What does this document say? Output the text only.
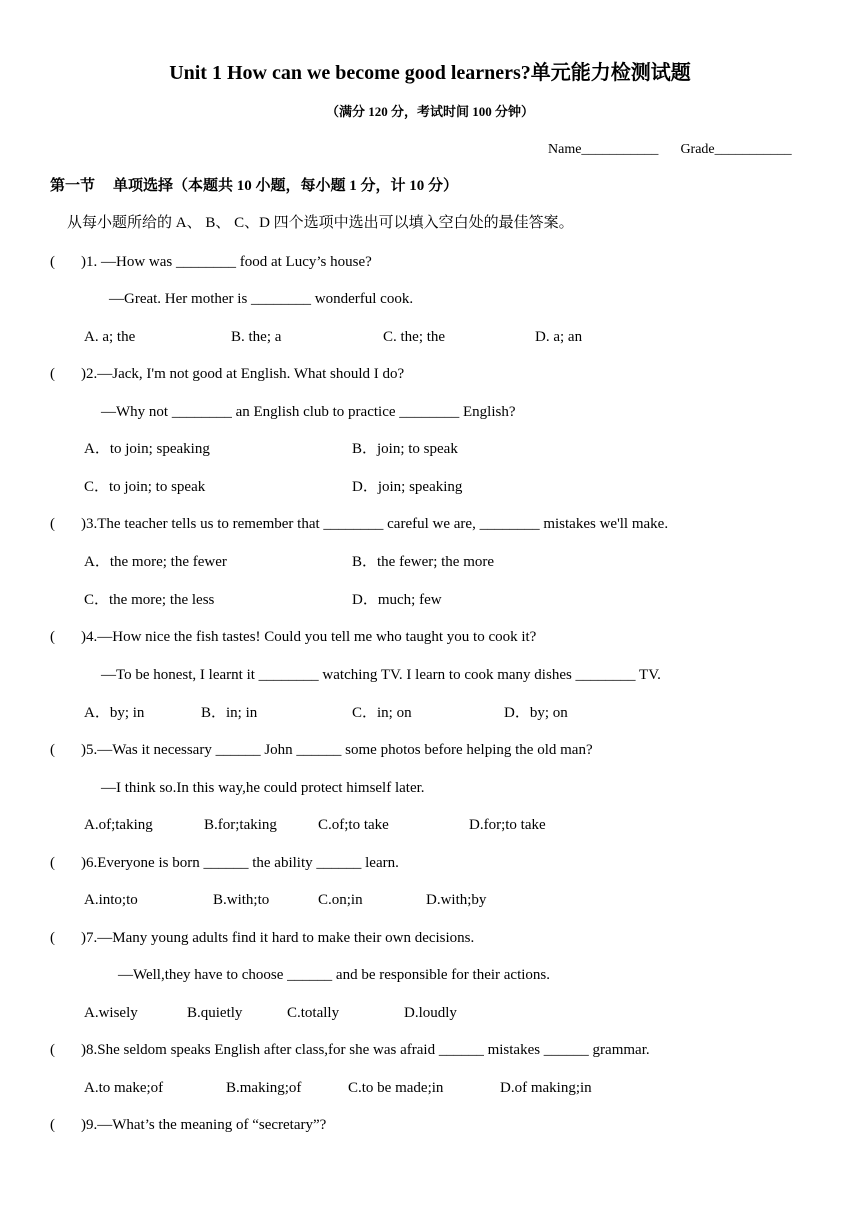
Unit 1 How can we become good learners?单元能力检测试题
（满分 120 分，考试时间 100 分钟）
Name___________ Grade___________
第一节 单项选择（本题共 10 小题，每小题 1 分，计 10 分）
从每小题所给的 A、 B、 C、D 四个选项中选出可以填入空白处的最佳答案。
( )1. —How was ________ food at Lucy’s house?
—Great. Her mother is ________ wonderful cook.
A. a; the	B. the; a	C. the; the	D. a; an
( )2.—Jack, I'm not good at English. What should I do?
—Why not ________ an English club to practice ________ English?
A．to join; speaking	B．join; to speak
C．to join; to speak	D．join; speaking
( )3.The teacher tells us to remember that ________ careful we are, ________ mistakes we'll make.
A．the more; the fewer	B．the fewer; the more
C．the more; the less	D．much; few
( )4.—How nice the fish tastes! Could you tell me who taught you to cook it?
—To be honest, I learnt it ________ watching TV. I learn to cook many dishes ________ TV.
A．by; in	B．in; in	C．in; on	D．by; on
( )5.—Was it necessary ______ John ______ some photos before helping the old man?
—I think so.In this way,he could protect himself later.
A.of;taking	B.for;taking	C.of;to take	D.for;to take
( )6.Everyone is born ______ the ability ______ learn.
A.into;to	B.with;to	C.on;in	D.with;by
( )7.—Many young adults find it hard to make their own decisions.
—Well,they have to choose ______ and be responsible for their actions.
A.wisely	B.quietly	C.totally	D.loudly
( )8.She seldom speaks English after class,for she was afraid ______ mistakes ______ grammar.
A.to make;of	B.making;of	C.to be made;in	D.of making;in
( )9.—What’s the meaning of “secretary”?
